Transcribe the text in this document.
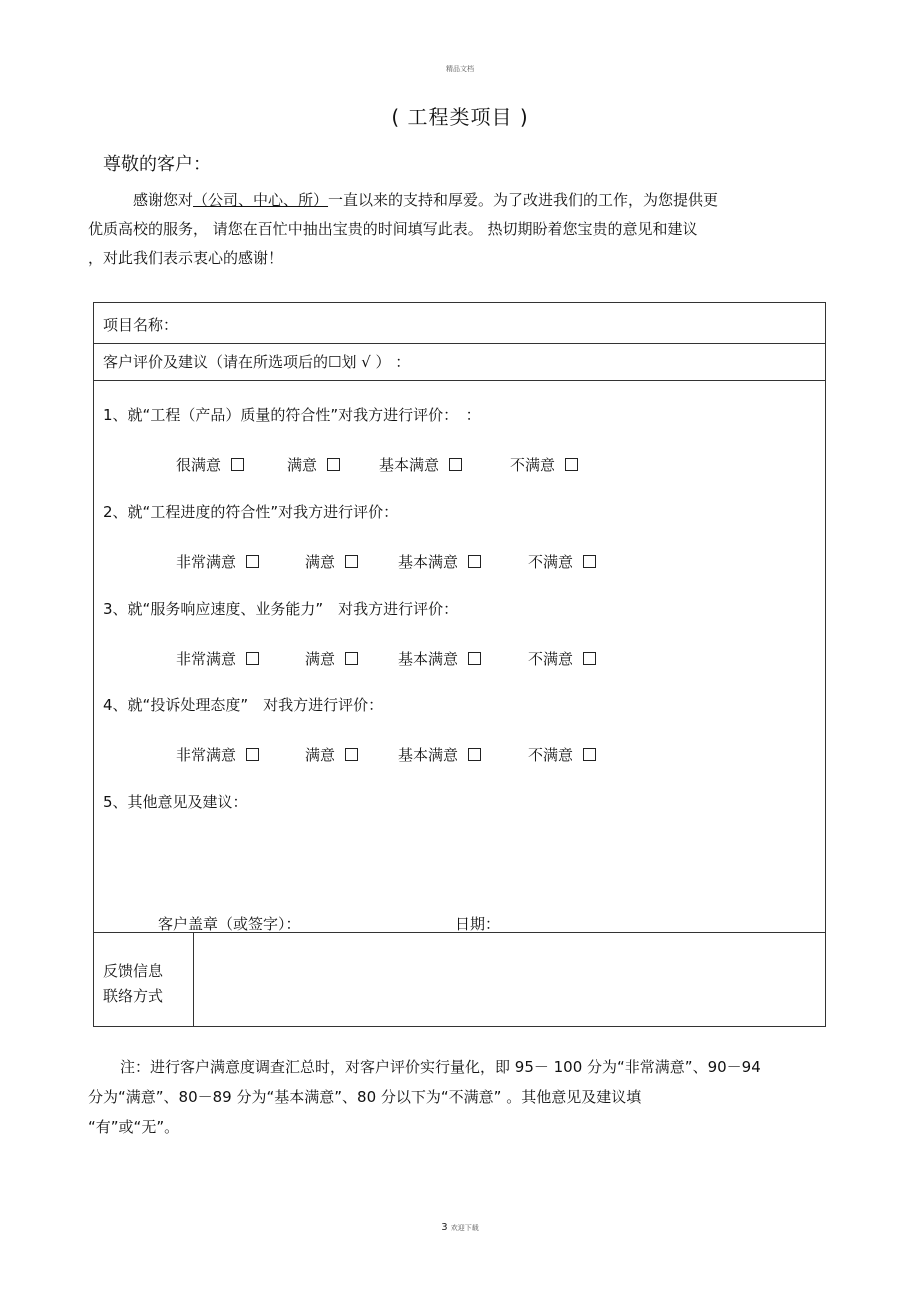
精品文档
( 工程类项目 )
尊敬的客户：

感谢您对（公司、中心、所）一直以来的支持和厚爱。为了改进我们的工作，为您提供更

优质高校的服务， 请您在百忙中抽出宝贵的时间填写此表。 热切期盼着您宝贵的意见和建议

，对此我们表示衷心的感谢！

项目名称：
客户评价及建议（请在所选项后的☐划 √ ） ：
1、就“工程（产品）质量的符合性”对我方进行评价：　：
很满意	满意	基本满意	不满意
2、就“工程进度的符合性”对我方进行评价：
非常满意	满意	基本满意	不满意
3、就“服务响应速度、业务能力”　对我方进行评价：
非常满意	满意	基本满意	不满意
4、就“投诉处理态度”　对我方进行评价：
非常满意	满意	基本满意	不满意
5、其他意见及建议：
客户盖章（或签字）：	日期：
反馈信息
联络方式

注：进行客户满意度调查汇总时，对客户评价实行量化，即 95－ 100 分为“非常满意”、90－94

分为“满意”、80－89 分为“基本满意”、80 分以下为“不满意” 。其他意见及建议填

“有”或“无”。

3 欢迎下载
